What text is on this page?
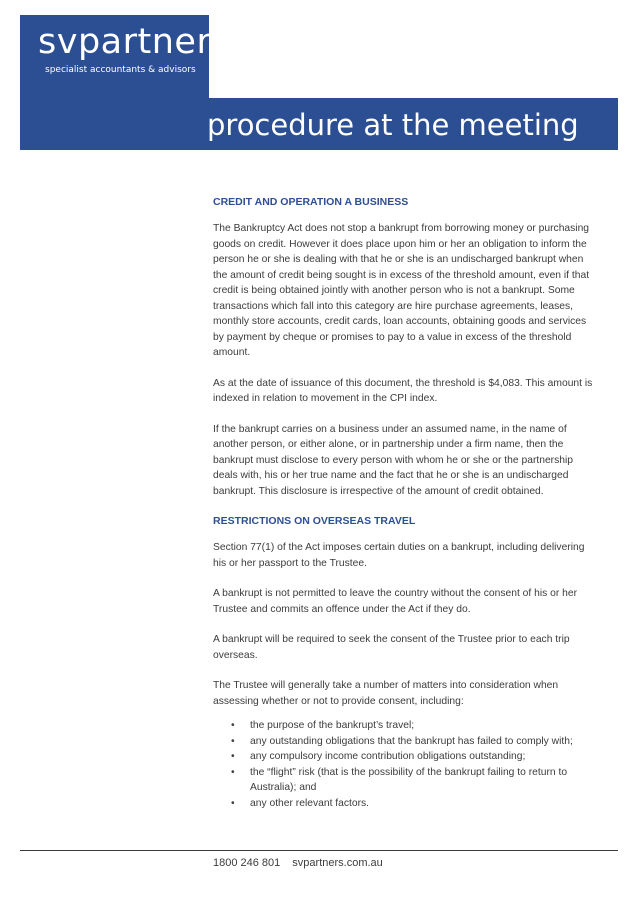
svpartners
specialist accountants & advisors
procedure at the meeting
CREDIT AND OPERATION A BUSINESS

The Bankruptcy Act does not stop a bankrupt from borrowing money or purchasing goods on credit. However it does place upon him or her an obligation to inform the person he or she is dealing with that he or she is an undischarged bankrupt when the amount of credit being sought is in excess of the threshold amount, even if that credit is being obtained jointly with another person who is not a bankrupt. Some transactions which fall into this category are hire purchase agreements, leases, monthly store accounts, credit cards, loan accounts, obtaining goods and services by payment by cheque or promises to pay to a value in excess of the threshold amount.

As at the date of issuance of this document, the threshold is $4,083. This amount is indexed in relation to movement in the CPI index.

If the bankrupt carries on a business under an assumed name, in the name of another person, or either alone, or in partnership under a firm name, then the bankrupt must disclose to every person with whom he or she or the partnership deals with, his or her true name and the fact that he or she is an undischarged bankrupt. This disclosure is irrespective of the amount of credit obtained.

RESTRICTIONS ON OVERSEAS TRAVEL

Section 77(1) of the Act imposes certain duties on a bankrupt, including delivering his or her passport to the Trustee.

A bankrupt is not permitted to leave the country without the consent of his or her Trustee and commits an offence under the Act if they do.

A bankrupt will be required to seek the consent of the Trustee prior to each trip overseas.

The Trustee will generally take a number of matters into consideration when assessing whether or not to provide consent, including:

• the purpose of the bankrupt’s travel;
• any outstanding obligations that the bankrupt has failed to comply with;
• any compulsory income contribution obligations outstanding;
• the “flight” risk (that is the possibility of the bankrupt failing to return to Australia); and
• any other relevant factors.
1800 246 801 svpartners.com.au
